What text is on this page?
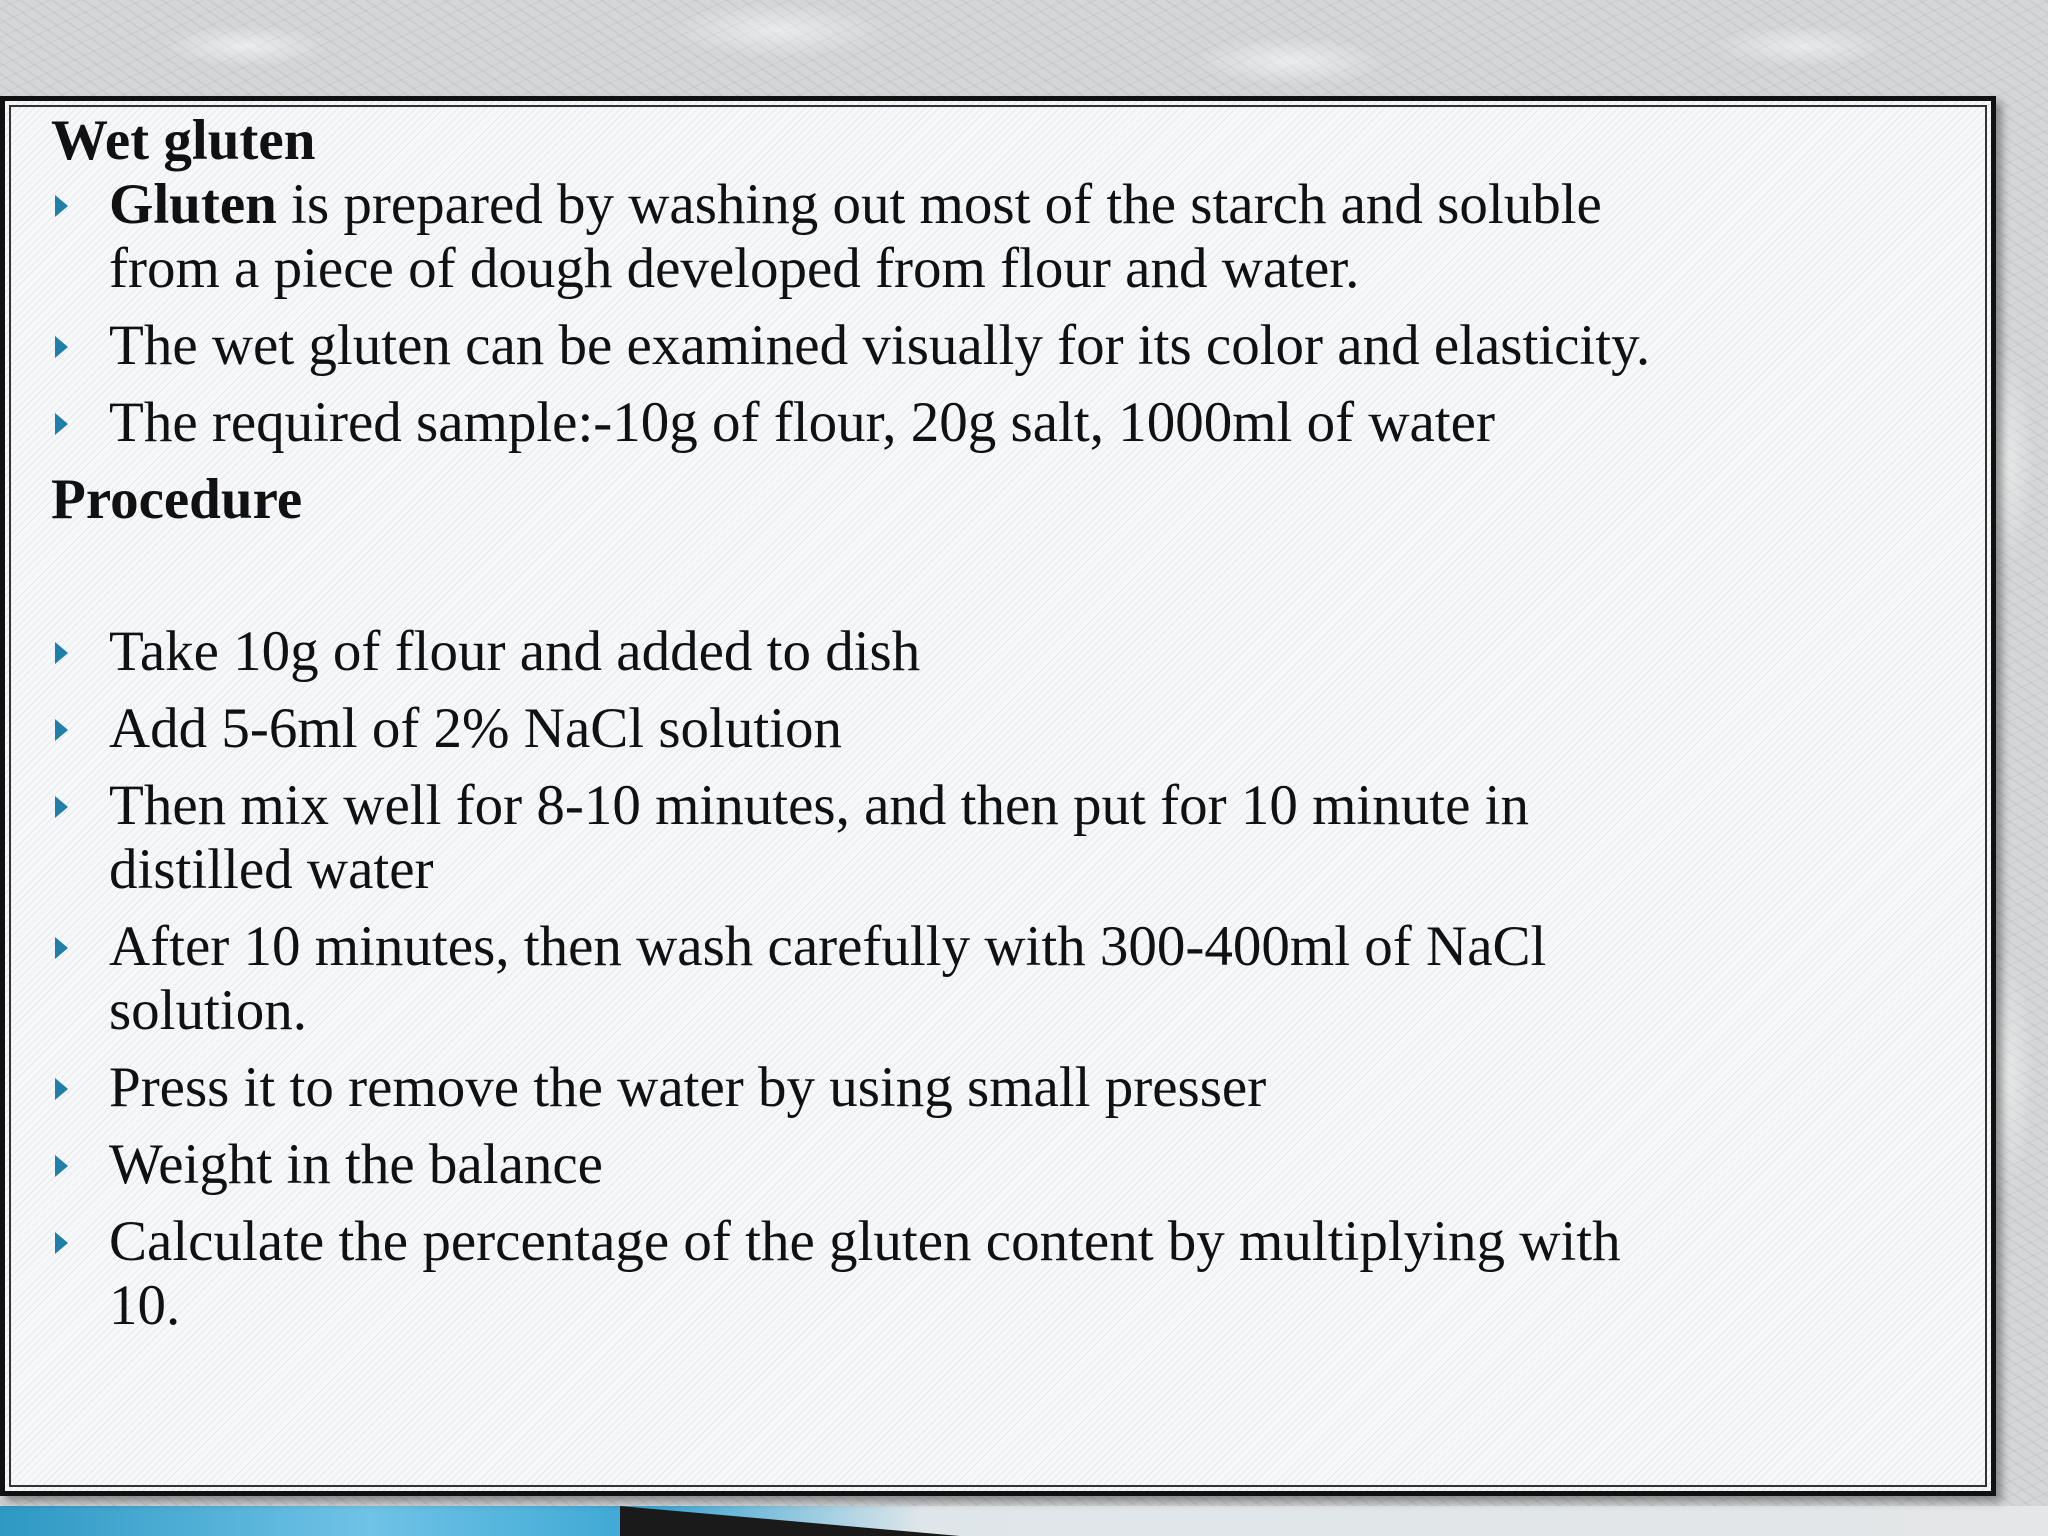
Wet gluten
Gluten is prepared by washing out most of the starch and soluble
from a piece of dough developed from flour and water.
The wet gluten can be examined visually for its color and elasticity.
The required sample:-10g of flour, 20g salt, 1000ml of water
Procedure
Take 10g of flour and added to dish
Add 5-6ml of 2% NaCl solution
Then mix well for 8-10 minutes, and then put for 10 minute in
distilled water
After 10 minutes, then wash carefully with 300-400ml of NaCl
solution.
Press it to remove the water by using small presser
Weight in the balance
Calculate the percentage of the gluten content by multiplying with
10.
